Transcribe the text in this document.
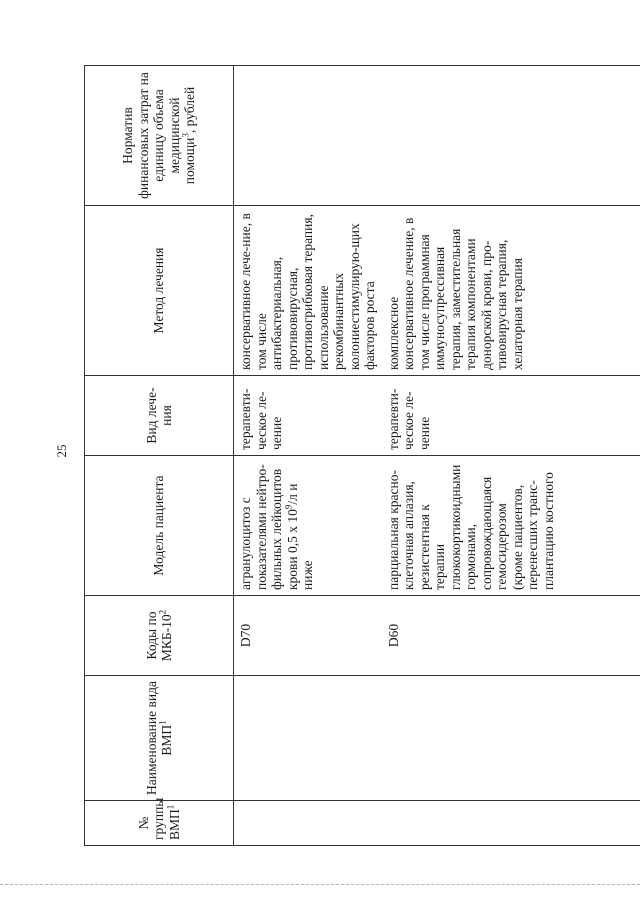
25
№ группы ВМП$^1$	Наименование вида ВМП$^1$	Коды по МКБ-$10^2$	Модель пациента	Вид лече-ния	Метод лечения	Норматив финансовых затрат на единицу объема медицинской помощи$^3$, рублей
		D70	агранулоцитоз с показателями нейтро-фильных лейкоцитов крови 0,5 х $10^9/л$ и ниже	терапевти-ческое ле-чение	консервативное лече-ние, в том числе антибактериальная, противовирусная, противогрибковая терапия, использование рекомбинантных колониестимулирую-щих факторов роста	
		D60	парциальная красно-клеточная аплазия, резистентная к терапии глюкокортикоидными гормонами, сопровождающаяся гемосидерозом (кроме пациентов, перенесших транс-плантацию костного	терапевти-ческое ле-чение	комплексное консервативное лечение, в том числе программная иммуносупрессивная терапия, заместительная терапия компонентами донорской крови, про-тивовирусная терапия, хелаторная терапия	
